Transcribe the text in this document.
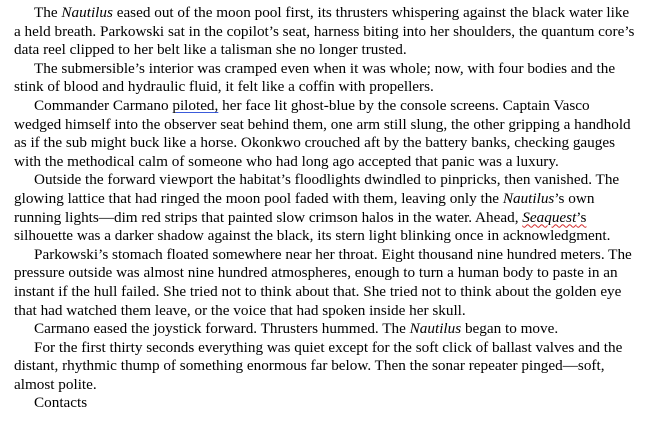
The Nautilus eased out of the moon pool first, its thrusters whispering against the black water like a held breath. Parkowski sat in the copilot’s seat, harness biting into her shoulders, the quantum core’s data reel clipped to her belt like a talisman she no longer trusted.

The submersible’s interior was cramped even when it was whole; now, with four bodies and the stink of blood and hydraulic fluid, it felt like a coffin with propellers.

Commander Carmano piloted, her face lit ghost-blue by the console screens. Captain Vasco wedged himself into the observer seat behind them, one arm still slung, the other gripping a handhold as if the sub might buck like a horse. Okonkwo crouched aft by the battery banks, checking gauges with the methodical calm of someone who had long ago accepted that panic was a luxury.

Outside the forward viewport the habitat’s floodlights dwindled to pinpricks, then vanished. The glowing lattice that had ringed the moon pool faded with them, leaving only the Nautilus’s own running lights—dim red strips that painted slow crimson halos in the water. Ahead, Seaquest’s silhouette was a darker shadow against the black, its stern light blinking once in acknowledgment.

Parkowski’s stomach floated somewhere near her throat. Eight thousand nine hundred meters. The pressure outside was almost nine hundred atmospheres, enough to turn a human body to paste in an instant if the hull failed. She tried not to think about that. She tried not to think about the golden eye that had watched them leave, or the voice that had spoken inside her skull.

Carmano eased the joystick forward. Thrusters hummed. The Nautilus began to move.

For the first thirty seconds everything was quiet except for the soft click of ballast valves and the distant, rhythmic thump of something enormous far below. Then the sonar repeater pinged—soft, almost polite.

Contacts
